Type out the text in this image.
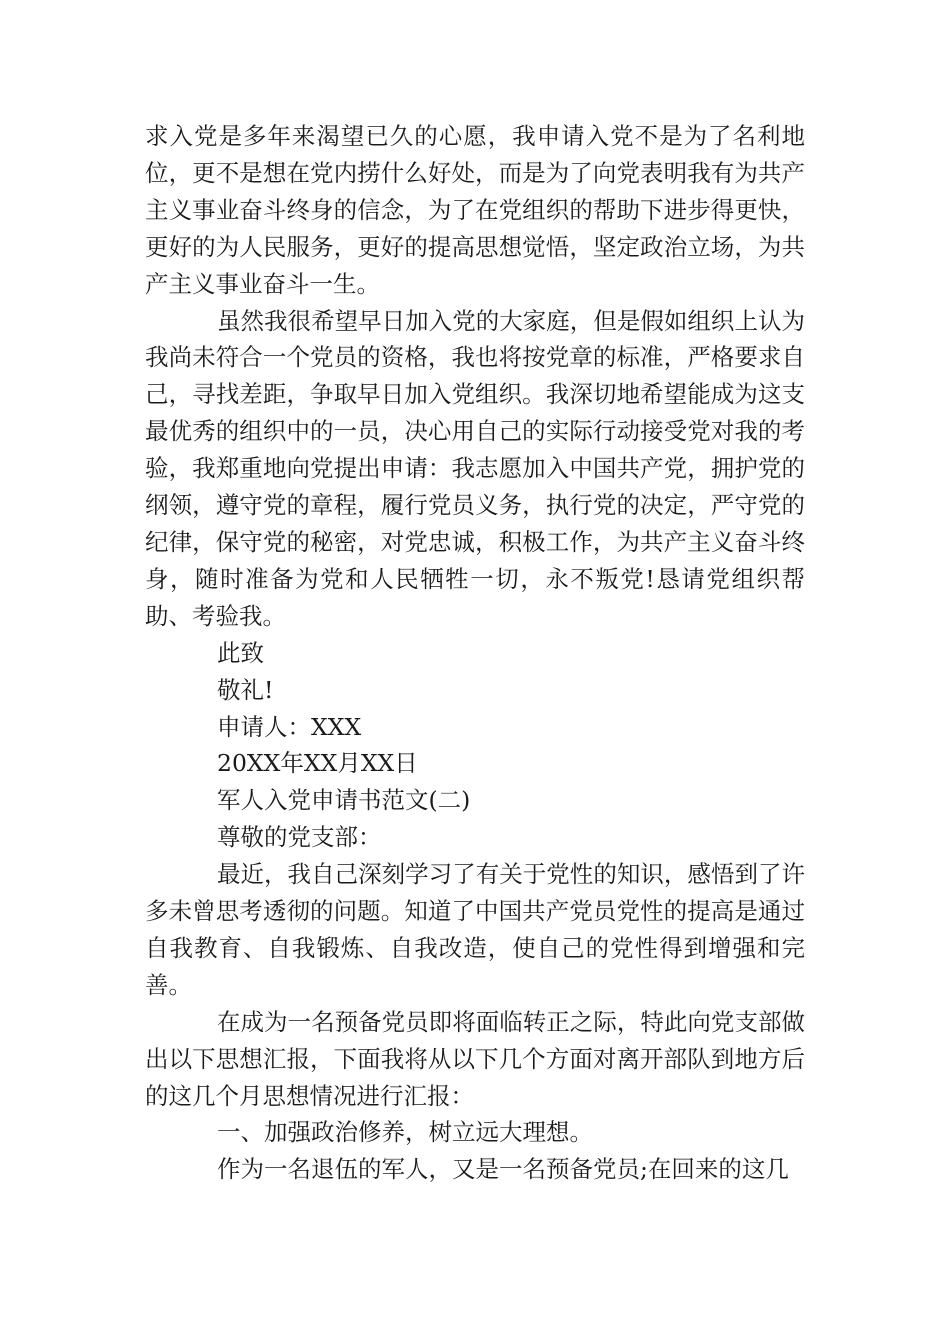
求入党是多年来渴望已久的心愿，我申请入党不是为了名利地位，更不是想在党内捞什么好处，而是为了向党表明我有为共产主义事业奋斗终身的信念，为了在党组织的帮助下进步得更快，更好的为人民服务，更好的提高思想觉悟，坚定政治立场，为共产主义事业奋斗一生。

虽然我很希望早日加入党的大家庭，但是假如组织上认为我尚未符合一个党员的资格，我也将按党章的标准，严格要求自己，寻找差距，争取早日加入党组织。我深切地希望能成为这支最优秀的组织中的一员，决心用自己的实际行动接受党对我的考验，我郑重地向党提出申请：我志愿加入中国共产党，拥护党的纲领，遵守党的章程，履行党员义务，执行党的决定，严守党的纪律，保守党的秘密，对党忠诚，积极工作，为共产主义奋斗终身，随时准备为党和人民牺牲一切，永不叛党!恳请党组织帮助、考验我。

此致

敬礼!

申请人：XXX

20XX年XX月XX日

军人入党申请书范文(二)

尊敬的党支部：

最近，我自己深刻学习了有关于党性的知识，感悟到了许多未曾思考透彻的问题。知道了中国共产党员党性的提高是通过自我教育、自我锻炼、自我改造，使自己的党性得到增强和完善。

在成为一名预备党员即将面临转正之际，特此向党支部做出以下思想汇报，下面我将从以下几个方面对离开部队到地方后的这几个月思想情况进行汇报：

一、加强政治修养，树立远大理想。

作为一名退伍的军人，又是一名预备党员;在回来的这几
